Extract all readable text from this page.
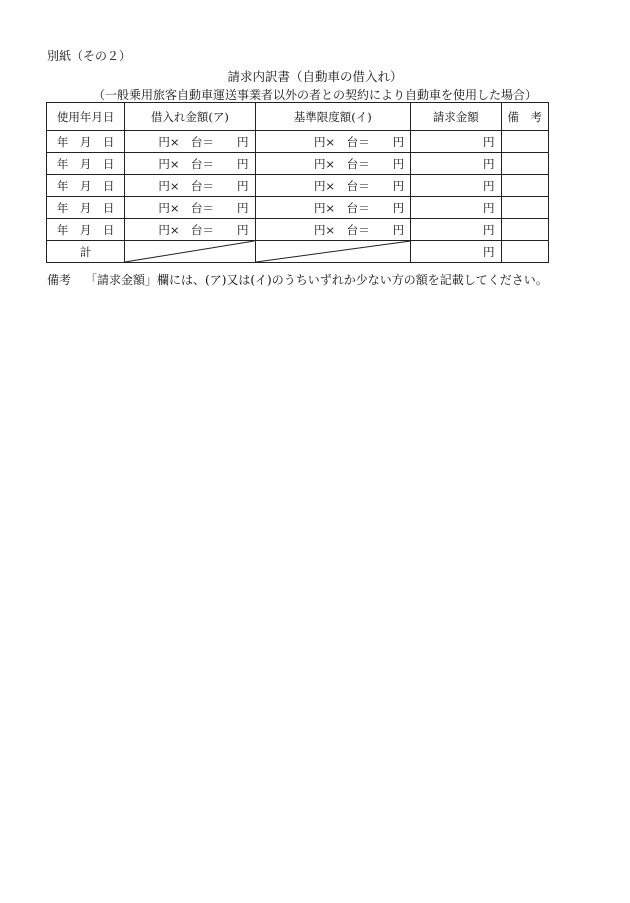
別紙（その２）
請求内訳書（自動車の借入れ）
（一般乗用旅客自動車運送事業者以外の者との契約により自動車を使用した場合）
使用年月日	借入れ金額(ア)	基準限度額(イ)	請求金額	備　考
年　月　日	円×　台＝　　円	円×　台＝　　円	円	
年　月　日	円×　台＝　　円	円×　台＝　　円	円	
年　月　日	円×　台＝　　円	円×　台＝　　円	円	
年　月　日	円×　台＝　　円	円×　台＝　　円	円	
年　月　日	円×　台＝　　円	円×　台＝　　円	円	
計			円	
備考 「請求金額」欄には、(ア)又は(イ)のうちいずれか少ない方の額を記載してください。
